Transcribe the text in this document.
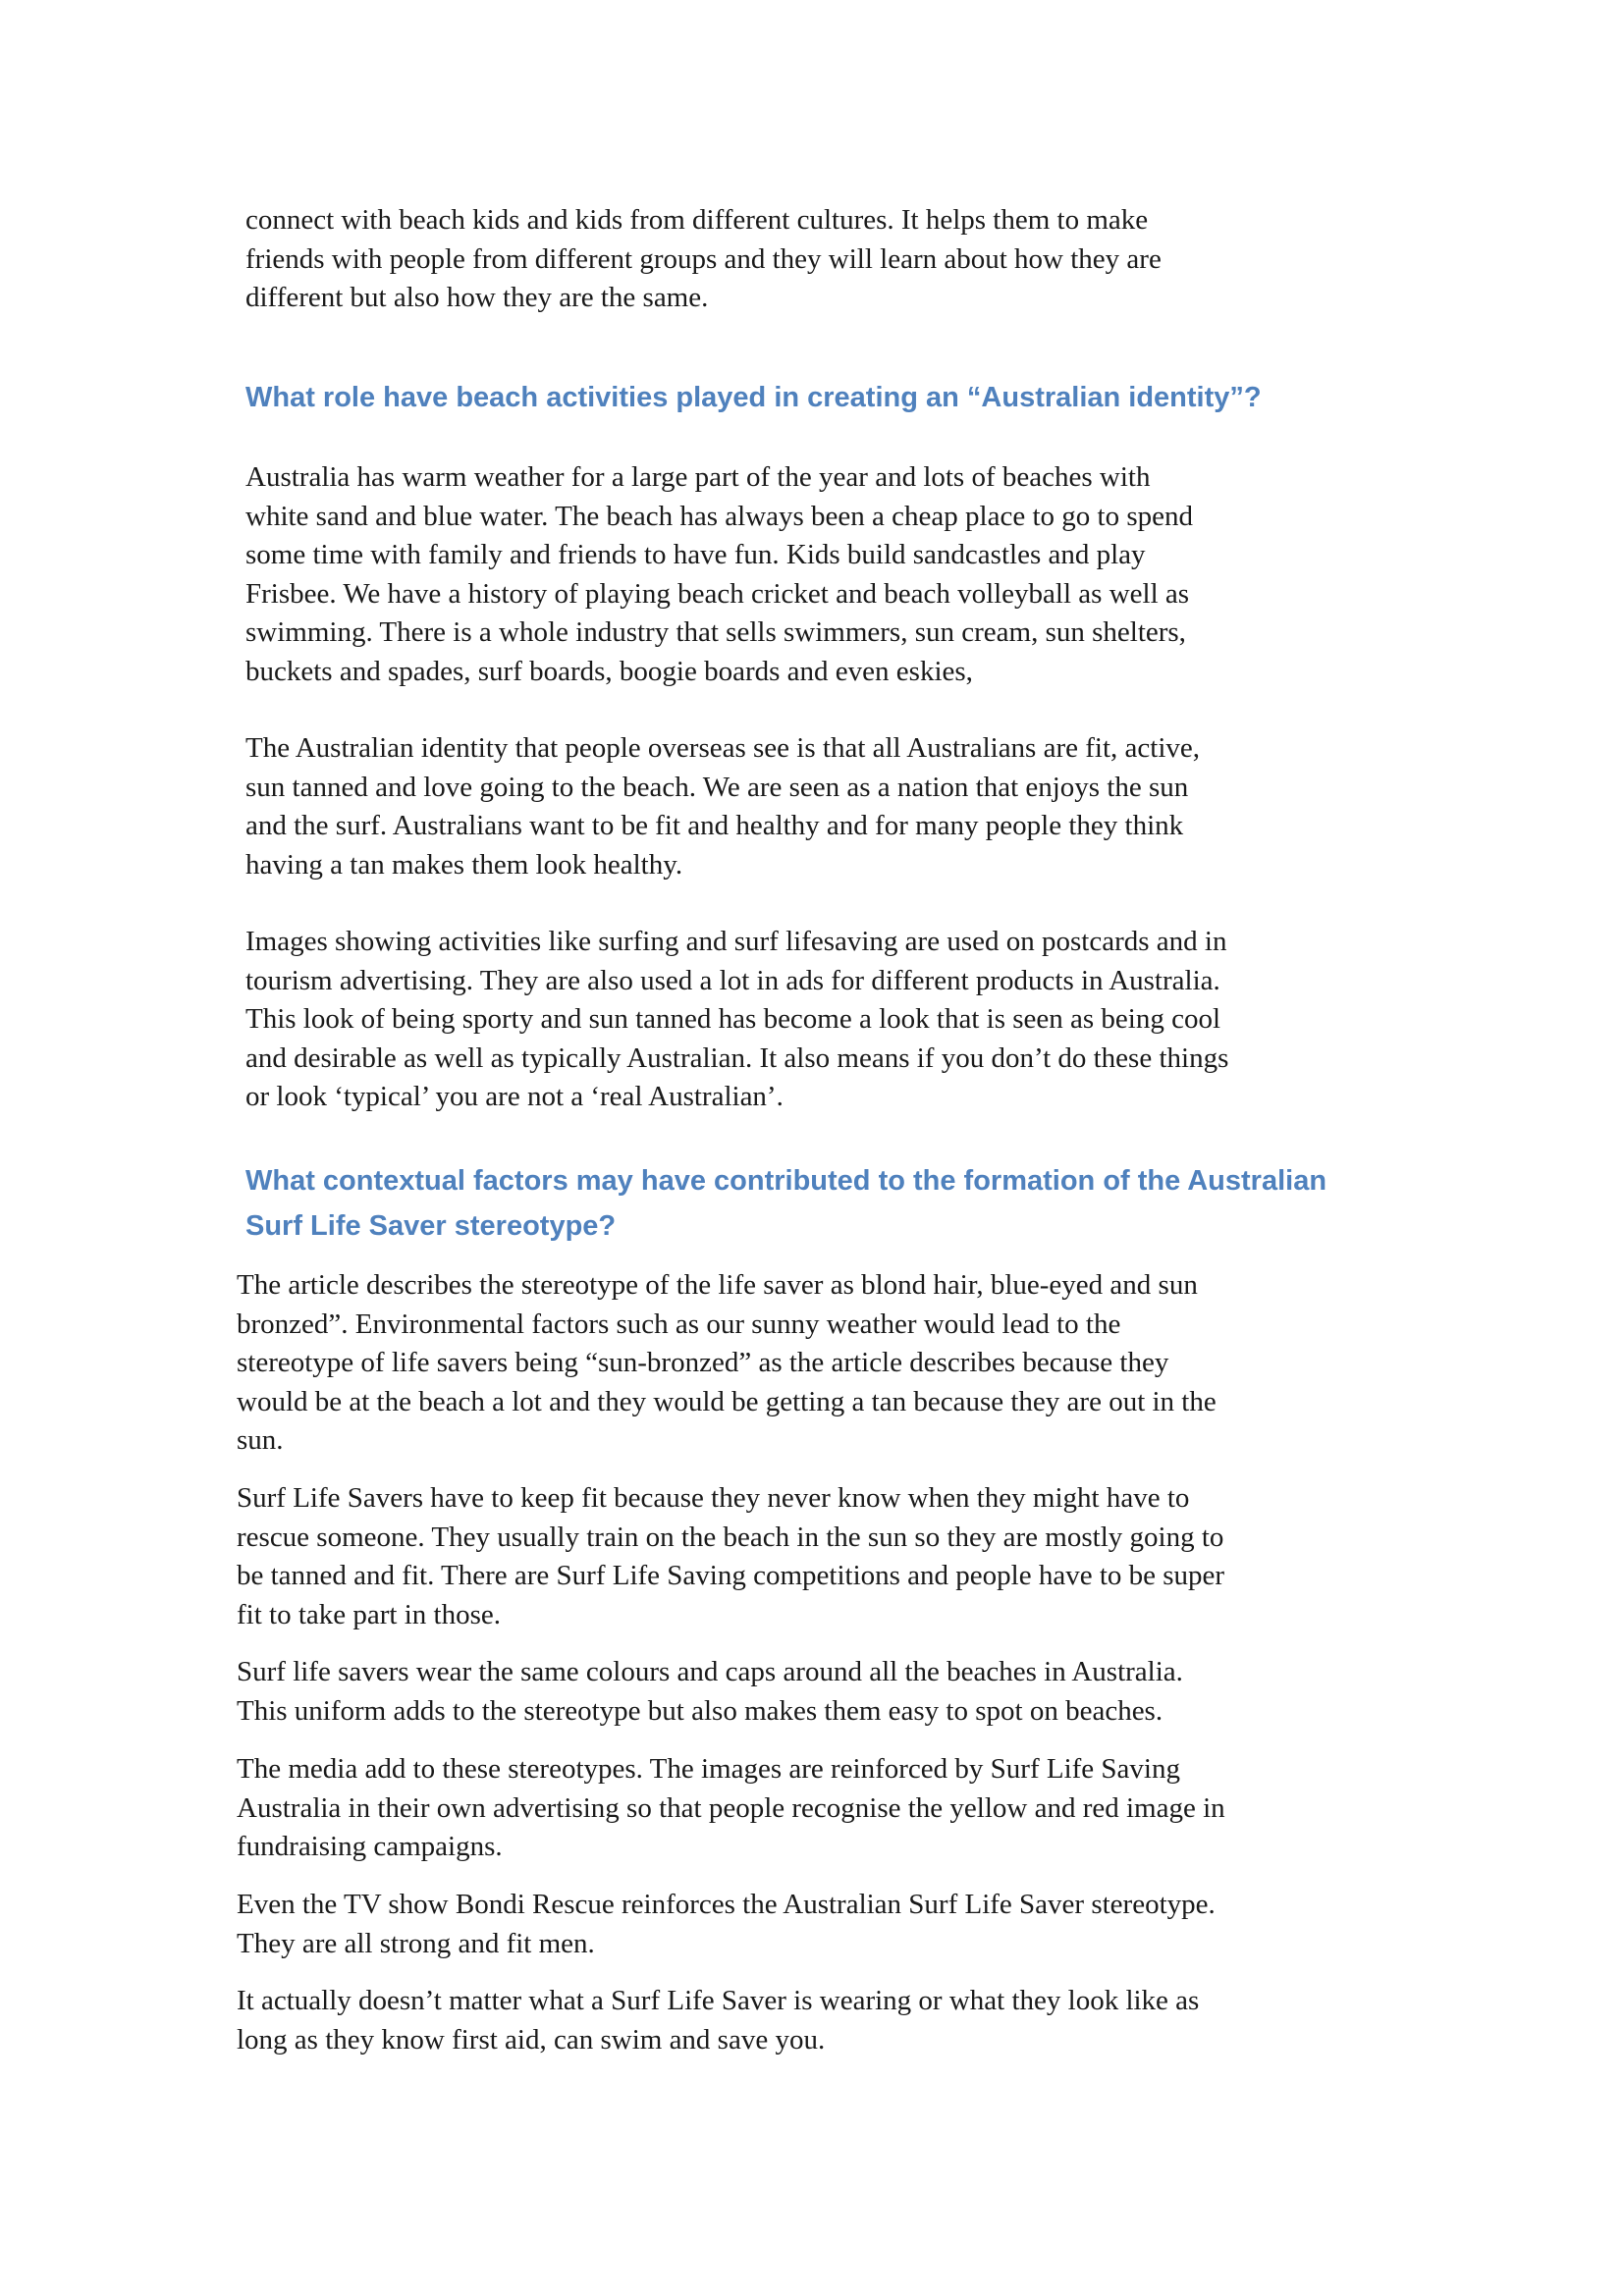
connect with beach kids and kids from different cultures. It helps them to make
friends with people from different groups and they will learn about how they are
different but also how they are the same.

What role have beach activities played in creating an “Australian identity”?

Australia has warm weather for a large part of the year and lots of beaches with
white sand and blue water. The beach has always been a cheap place to go to spend
some time with family and friends to have fun. Kids build sandcastles and play
Frisbee. We have a history of playing beach cricket and beach volleyball as well as
swimming. There is a whole industry that sells swimmers, sun cream, sun shelters,
buckets and spades, surf boards, boogie boards and even eskies,

The Australian identity that people overseas see is that all Australians are fit, active,
sun tanned and love going to the beach. We are seen as a nation that enjoys the sun
and the surf. Australians want to be fit and healthy and for many people they think
having a tan makes them look healthy.

Images showing activities like surfing and surf lifesaving are used on postcards and in
tourism advertising. They are also used a lot in ads for different products in Australia.
This look of being sporty and sun tanned has become a look that is seen as being cool
and desirable as well as typically Australian. It also means if you don’t do these things
or look ‘typical’ you are not a ‘real Australian’.

What contextual factors may have contributed to the formation of the Australian
Surf Life Saver stereotype?

The article describes the stereotype of the life saver as blond hair, blue-eyed and sun
bronzed”. Environmental factors such as our sunny weather would lead to the
stereotype of life savers being “sun-bronzed” as the article describes because they
would be at the beach a lot and they would be getting a tan because they are out in the
sun.

Surf Life Savers have to keep fit because they never know when they might have to
rescue someone. They usually train on the beach in the sun so they are mostly going to
be tanned and fit. There are Surf Life Saving competitions and people have to be super
fit to take part in those.

Surf life savers wear the same colours and caps around all the beaches in Australia.
This uniform adds to the stereotype but also makes them easy to spot on beaches.

The media add to these stereotypes. The images are reinforced by Surf Life Saving
Australia in their own advertising so that people recognise the yellow and red image in
fundraising campaigns.

Even the TV show Bondi Rescue reinforces the Australian Surf Life Saver stereotype.
They are all strong and fit men.

It actually doesn’t matter what a Surf Life Saver is wearing or what they look like as
long as they know first aid, can swim and save you.
